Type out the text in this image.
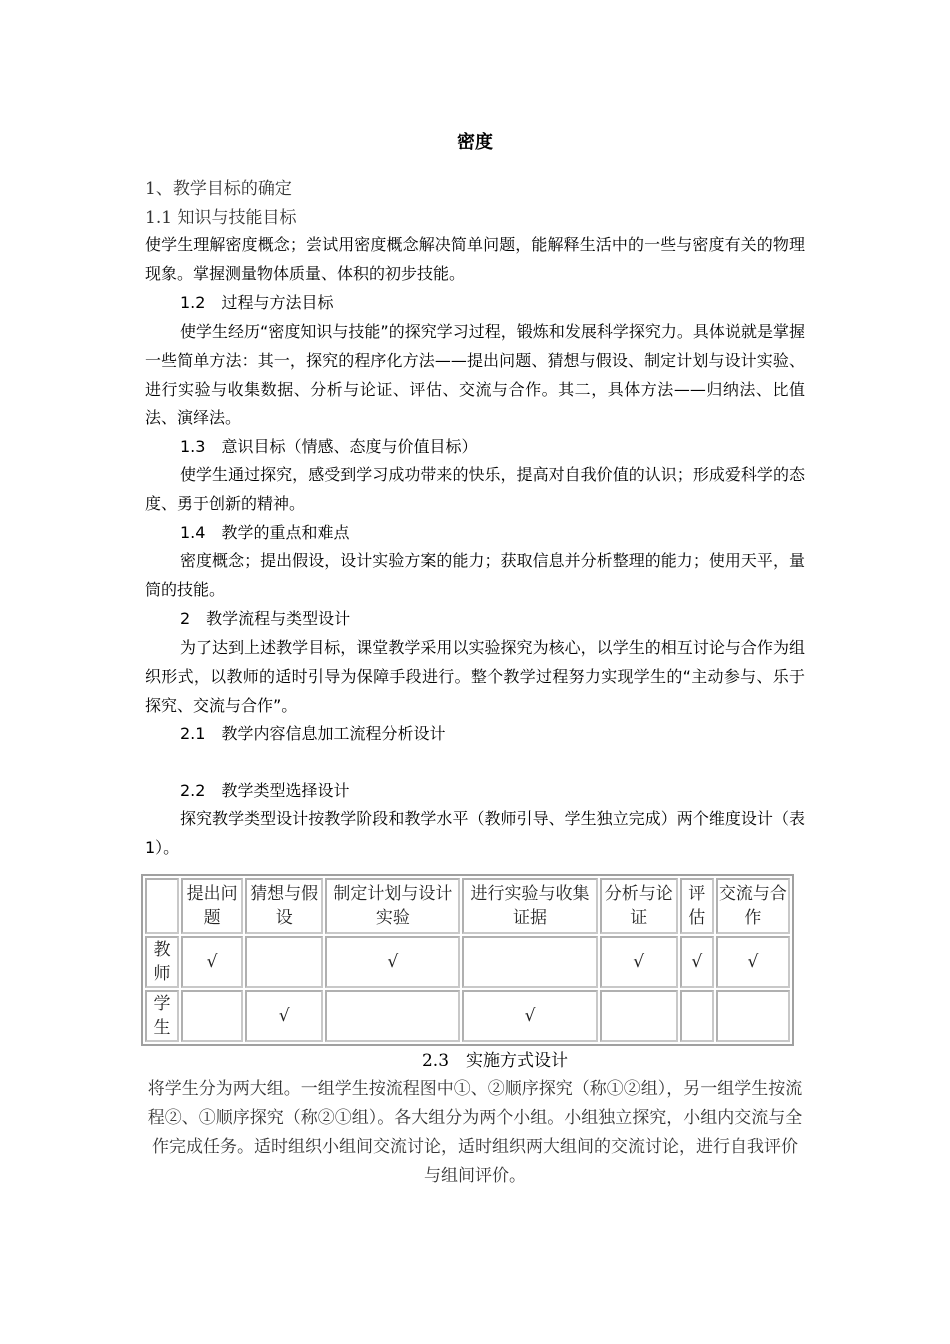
密度
1、教学目标的确定
1.1 知识与技能目标
使学生理解密度概念；尝试用密度概念解决简单问题，能解释生活中的一些与密度有关的物理现象。掌握测量物体质量、体积的初步技能。
1.2　过程与方法目标
使学生经历“密度知识与技能”的探究学习过程，锻炼和发展科学探究力。具体说就是掌握一些简单方法：其一，探究的程序化方法——提出问题、猜想与假设、制定计划与设计实验、进行实验与收集数据、分析与论证、评估、交流与合作。其二，具体方法——归纳法、比值法、演绎法。
1.3　意识目标（情感、态度与价值目标）
使学生通过探究，感受到学习成功带来的快乐，提高对自我价值的认识；形成爱科学的态度、勇于创新的精神。
1.4　教学的重点和难点
密度概念；提出假设，设计实验方案的能力；获取信息并分析整理的能力；使用天平，量筒的技能。
2　教学流程与类型设计
为了达到上述教学目标，课堂教学采用以实验探究为核心，以学生的相互讨论与合作为组织形式，以教师的适时引导为保障手段进行。整个教学过程努力实现学生的“主动参与、乐于探究、交流与合作”。
2.1　教学内容信息加工流程分析设计
2.2　教学类型选择设计
探究教学类型设计按教学阶段和教学水平（教师引导、学生独立完成）两个维度设计（表1）。
	提出问题	猜想与假设	制定计划与设计实验	进行实验与收集证据	分析与论证	评估	交流与合作
教师	√		√		√	√	√
学生		√		√			
2.3　实施方式设计
将学生分为两大组。一组学生按流程图中①、②顺序探究（称①②组），另一组学生按流程②、①顺序探究（称②①组）。各大组分为两个小组。小组独立探究，小组内交流与全作完成任务。适时组织小组间交流讨论，适时组织两大组间的交流讨论，进行自我评价与组间评价。
